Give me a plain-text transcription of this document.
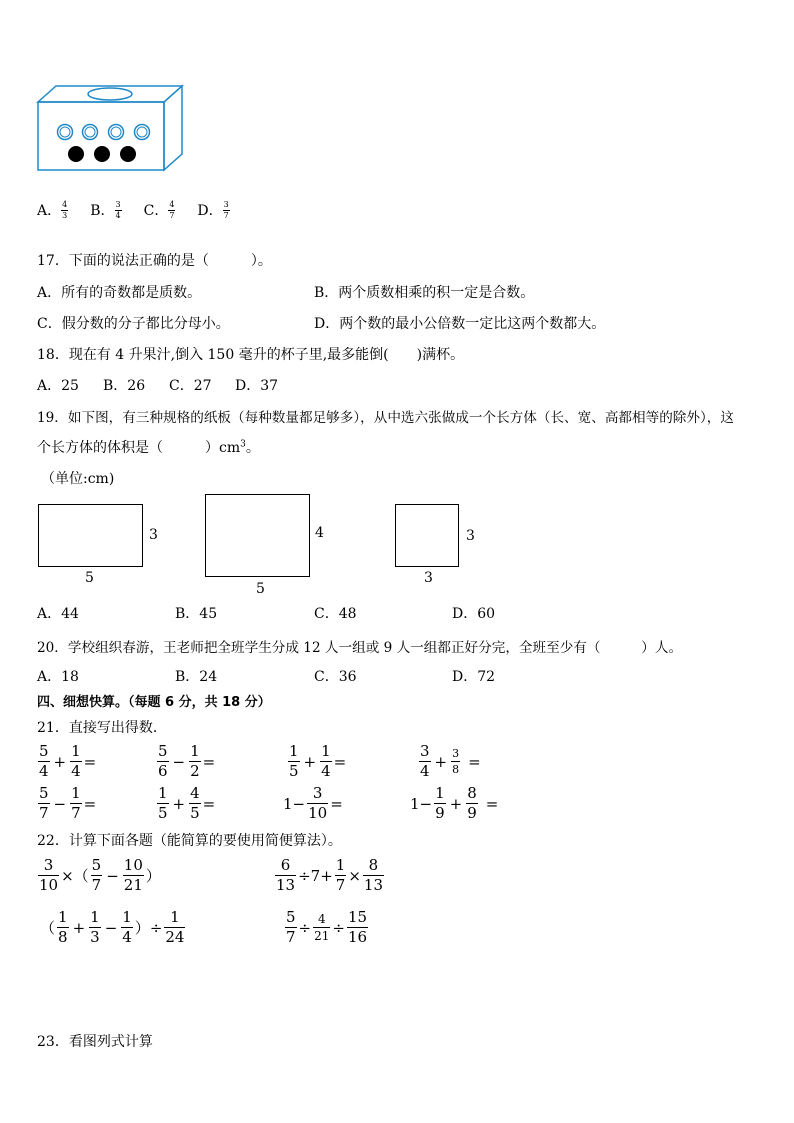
A． $\frac{4}{3}$ B． $\frac{3}{4}$ C． $\frac{4}{7}$ D． $\frac{3}{7}$
17．下面的说法正确的是（　　　）。
A．所有的奇数都是质数。	B．两个质数相乘的积一定是合数。
C．假分数的分子都比分母小。	D．两个数的最小公倍数一定比这两个数都大。
18．现在有 4 升果汁,倒入 150 毫升的杯子里,最多能倒(　　)满杯。
A．25 B．26 C．27 D．37
19．如下图，有三种规格的纸板（每种数量都足够多），从中选六张做成一个长方体（长、宽、高都相等的除外），这
个长方体的体积是（　　　）$cm^3$。
（单位:cm)
3
5
4
5
3
3
A．44	B．45	C．48	D．60
20．学校组织春游，王老师把全班学生分成 12 人一组或 9 人一组都正好分完，全班至少有（　　　）人。
A．18	B．24	C．36	D．72
四、细想快算。（每题 6 分，共 18 分）
21．直接写出得数．
$\frac{5}{4} + \frac{1}{4}$ =	$\frac{5}{6} - \frac{1}{2}$ =	$\frac{1}{5} + \frac{1}{4}$ =	$\frac{3}{4} + \frac{3}{8}$ =
$\frac{5}{7} - \frac{1}{7}$ =	$\frac{1}{5} + \frac{4}{5}$ =	$1- \frac{3}{10}$ =	$1- \frac{1}{9} + \frac{8}{9}$ =
22．计算下面各题（能简算的要使用简便算法）。
$\frac{3}{10}$ ×（ $\frac{5}{7} - \frac{10}{21}$ ）	$\frac{6}{13} \div 7+ \frac{1}{7} \times \frac{8}{13}$
（ $\frac{1}{8} + \frac{1}{3} - \frac{1}{4}$ ）÷ $\frac{1}{24}$	$\frac{5}{7} \div \frac{4}{21} \div \frac{15}{16}$
23．看图列式计算
